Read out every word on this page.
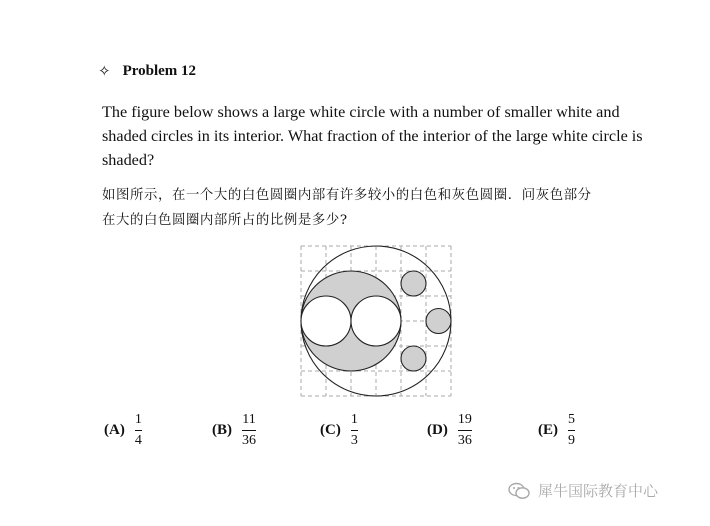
✧ Problem 12
The figure below shows a large white circle with a number of smaller white and shaded circles in its interior. What fraction of the interior of the large white circle is shaded?
如图所示，在一个大的白色圆圈内部有许多较小的白色和灰色圆圈．问灰色部分
在大的白色圆圈内部所占的比例是多少?
$(A) \frac{1}{4}$	$(B) \frac{11}{36}$	$(C) \frac{1}{3}$	$(D) \frac{19}{36}$	$(E) \frac{5}{9}$
犀牛国际教育中心
